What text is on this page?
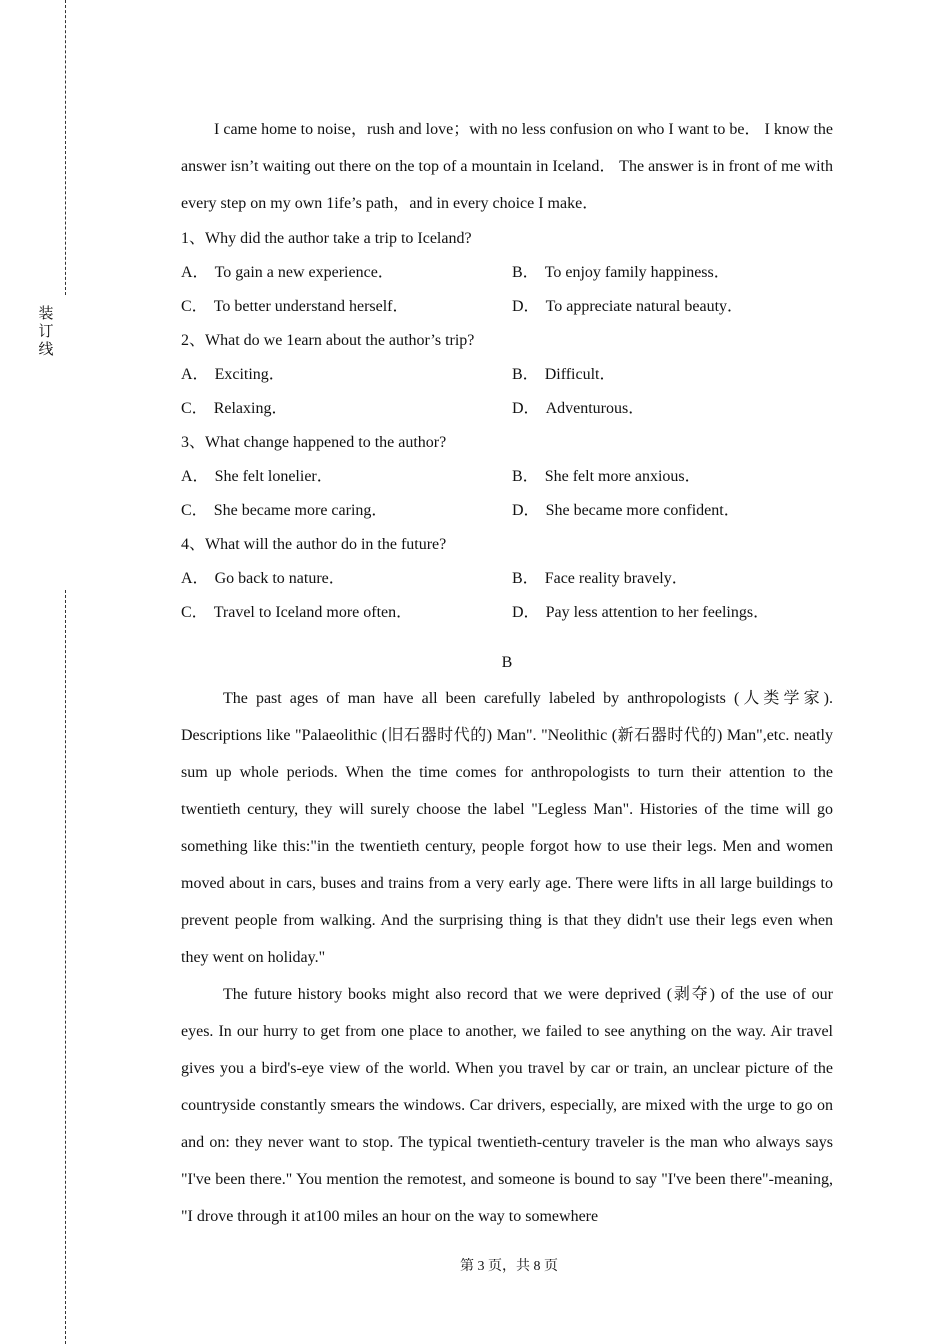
装
订
线

I came home to noise，rush and love；with no less confusion on who I want to be． I know the answer isn’t waiting out there on the top of a mountain in Iceland． The answer is in front of me with every step on my own 1ife’s path，and in every choice I make．

1、Why did the author take a trip to Iceland?

A． To gain a new experience．	B． To enjoy family happiness．
C． To better understand herself．	D． To appreciate natural beauty．

2、What do we 1earn about the author’s trip?

A． Exciting．	B． Difficult．
C． Relaxing．	D． Adventurous．

3、What change happened to the author?

A． She felt lonelier．	B． She felt more anxious．
C． She became more caring．	D． She became more confident．

4、What will the author do in the future?

A． Go back to nature．	B． Face reality bravely．
C． Travel to Iceland more often．	D． Pay less attention to her feelings．

B

The past ages of man have all been carefully labeled by anthropologists (人类学家). Descriptions like "Palaeolithic (旧石器时代的) Man". "Neolithic (新石器时代的) Man",etc. neatly sum up whole periods. When the time comes for anthropologists to turn their attention to the twentieth century, they will surely choose the label "Legless Man". Histories of the time will go something like this:"in the twentieth century, people forgot how to use their legs. Men and women moved about in cars, buses and trains from a very early age. There were lifts in all large buildings to prevent people from walking. And the surprising thing is that they didn't use their legs even when they went on holiday."

The future history books might also record that we were deprived (剥夺) of the use of our eyes. In our hurry to get from one place to another, we failed to see anything on the way. Air travel gives you a bird's-eye view of the world. When you travel by car or train, an unclear picture of the countryside constantly smears the windows. Car drivers, especially, are mixed with the urge to go on and on: they never want to stop. The typical twentieth-century traveler is the man who always says "I've been there." You mention the remotest, and someone is bound to say "I've been there"-meaning, "I drove through it at100 miles an hour on the way to somewhere

第 3 页，共 8 页
